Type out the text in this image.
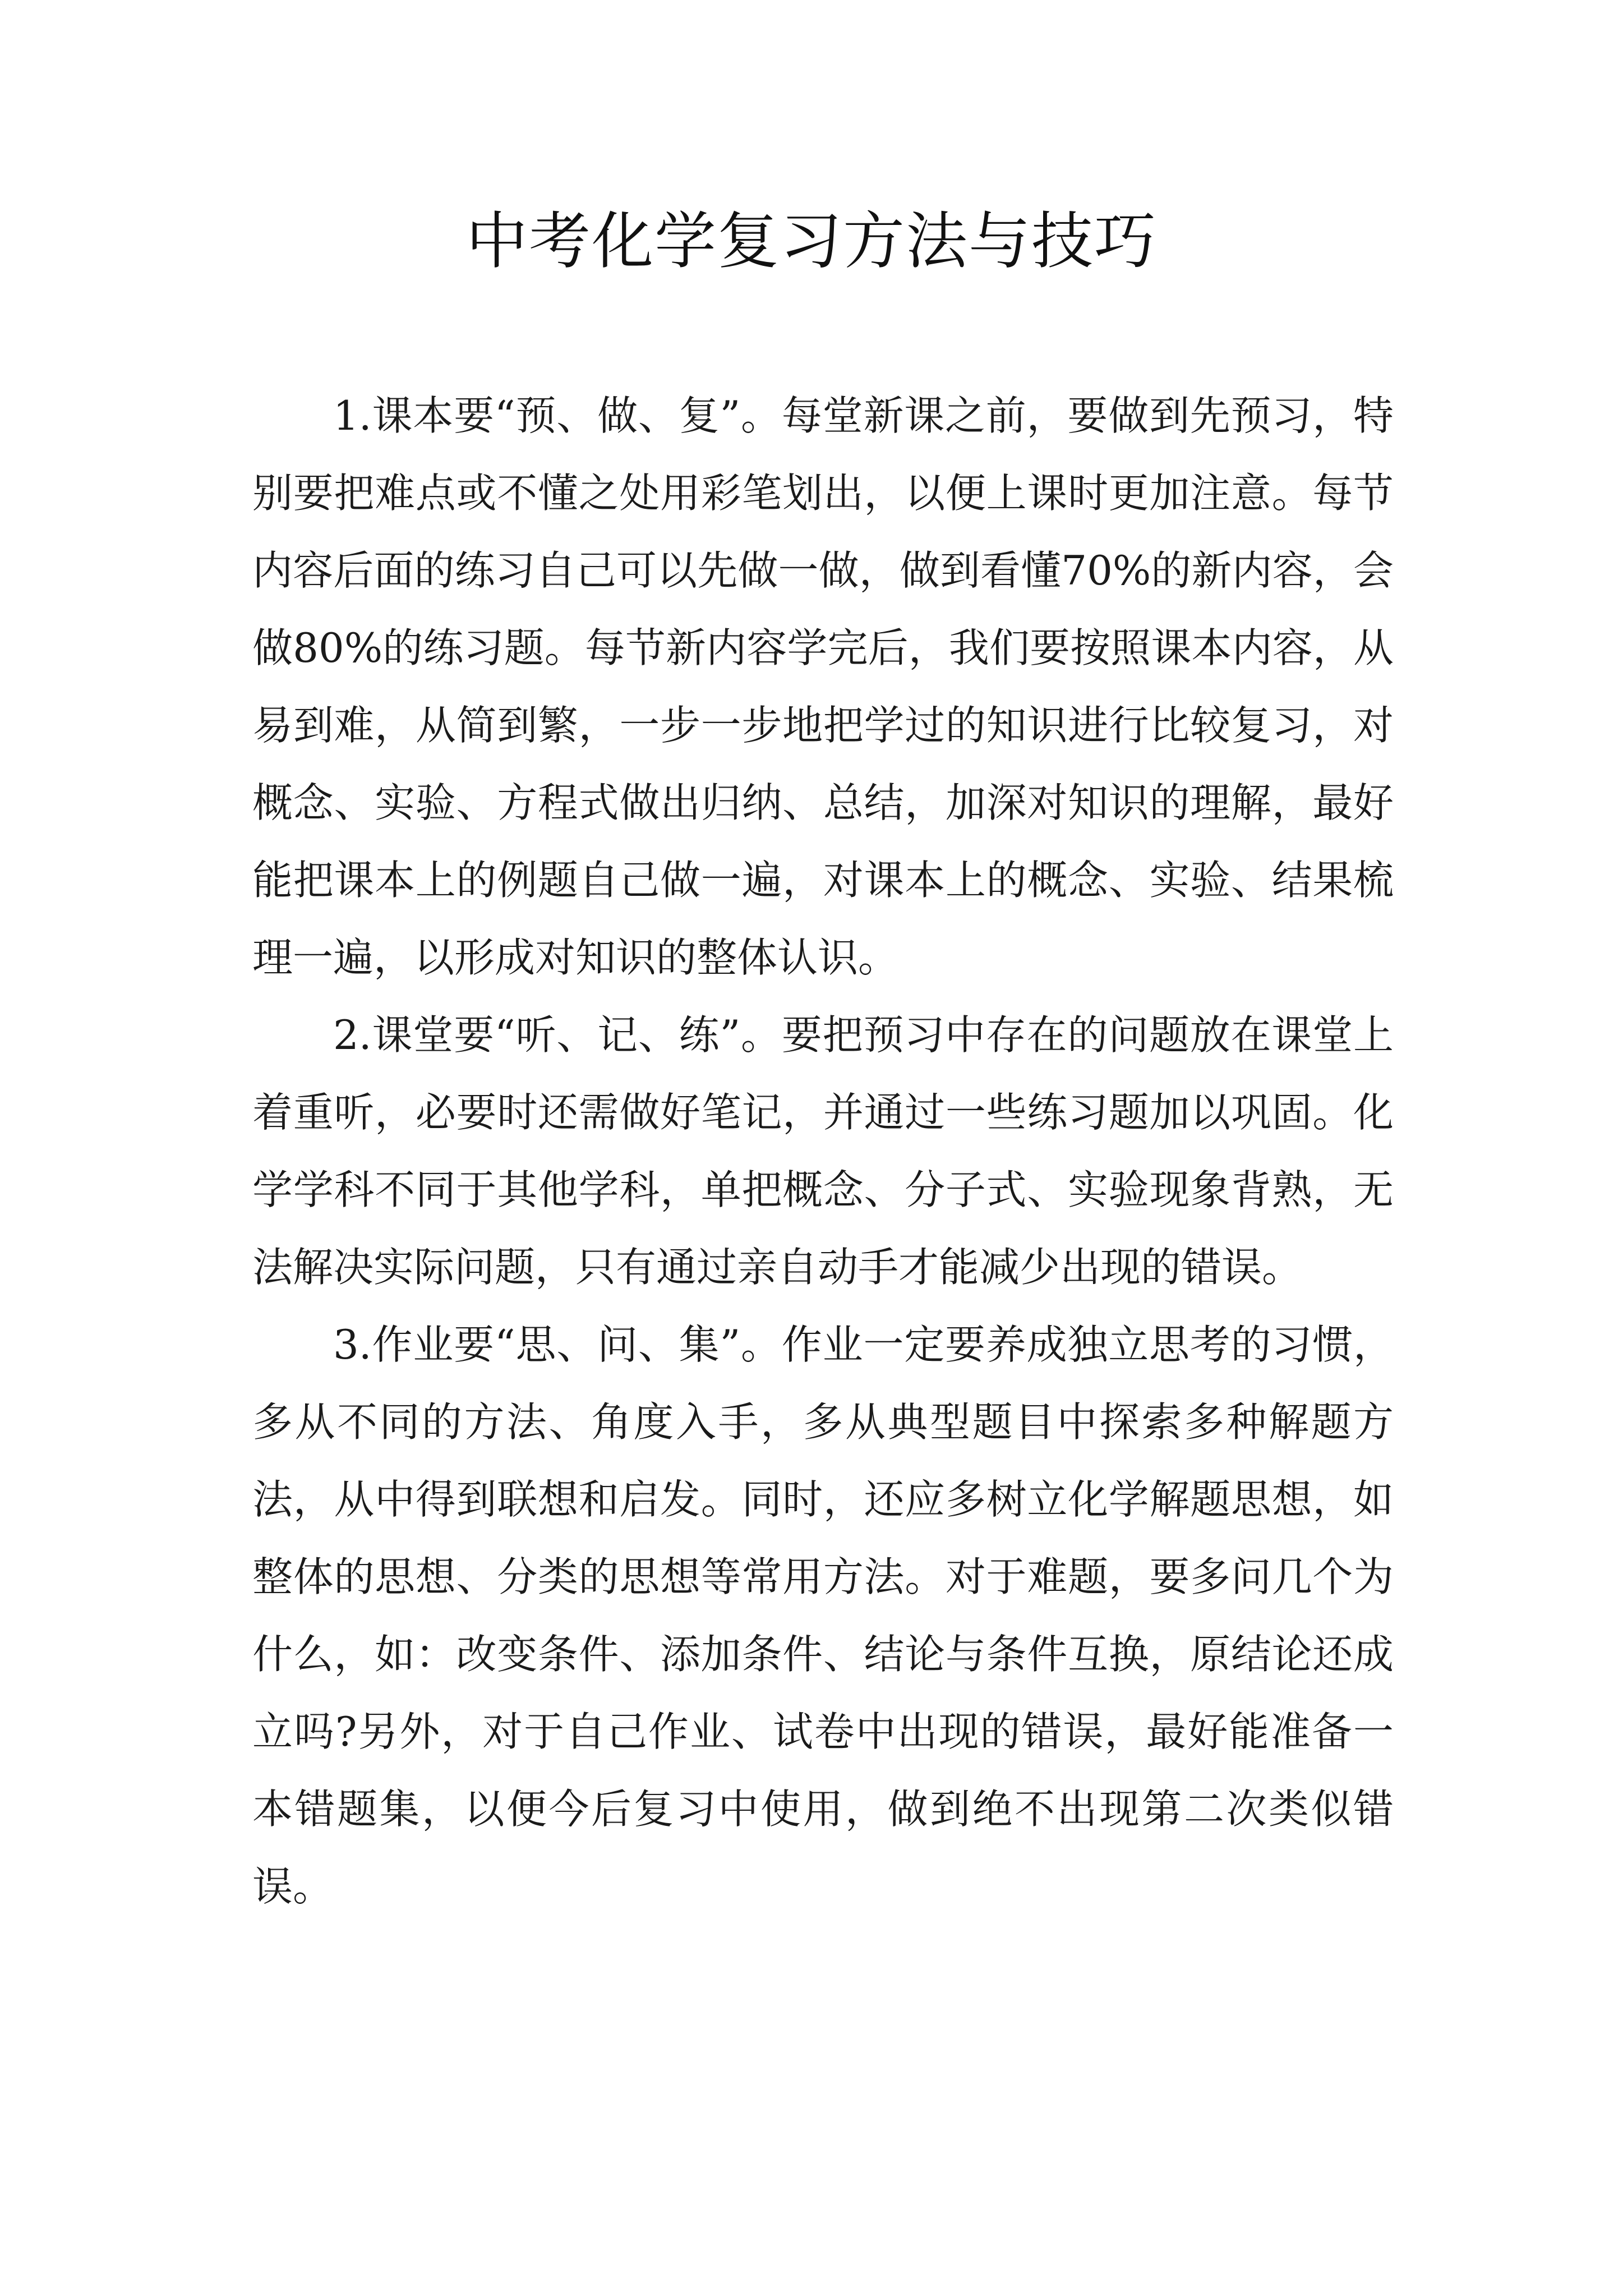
中考化学复习方法与技巧

1.课本要“预、做、复”。每堂新课之前，要做到先预习，特别要把难点或不懂之处用彩笔划出，以便上课时更加注意。每节内容后面的练习自己可以先做一做，做到看懂70%的新内容，会做80%的练习题。每节新内容学完后，我们要按照课本内容，从易到难，从简到繁，一步一步地把学过的知识进行比较复习，对概念、实验、方程式做出归纳、总结，加深对知识的理解，最好能把课本上的例题自己做一遍，对课本上的概念、实验、结果梳理一遍，以形成对知识的整体认识。

2.课堂要“听、记、练”。要把预习中存在的问题放在课堂上着重听，必要时还需做好笔记，并通过一些练习题加以巩固。化学学科不同于其他学科，单把概念、分子式、实验现象背熟，无法解决实际问题，只有通过亲自动手才能减少出现的错误。

3.作业要“思、问、集”。作业一定要养成独立思考的习惯，多从不同的方法、角度入手，多从典型题目中探索多种解题方法，从中得到联想和启发。同时，还应多树立化学解题思想，如整体的思想、分类的思想等常用方法。对于难题，要多问几个为什么，如：改变条件、添加条件、结论与条件互换，原结论还成立吗?另外，对于自己作业、试卷中出现的错误，最好能准备一本错题集，以便今后复习中使用，做到绝不出现第二次类似错误。
